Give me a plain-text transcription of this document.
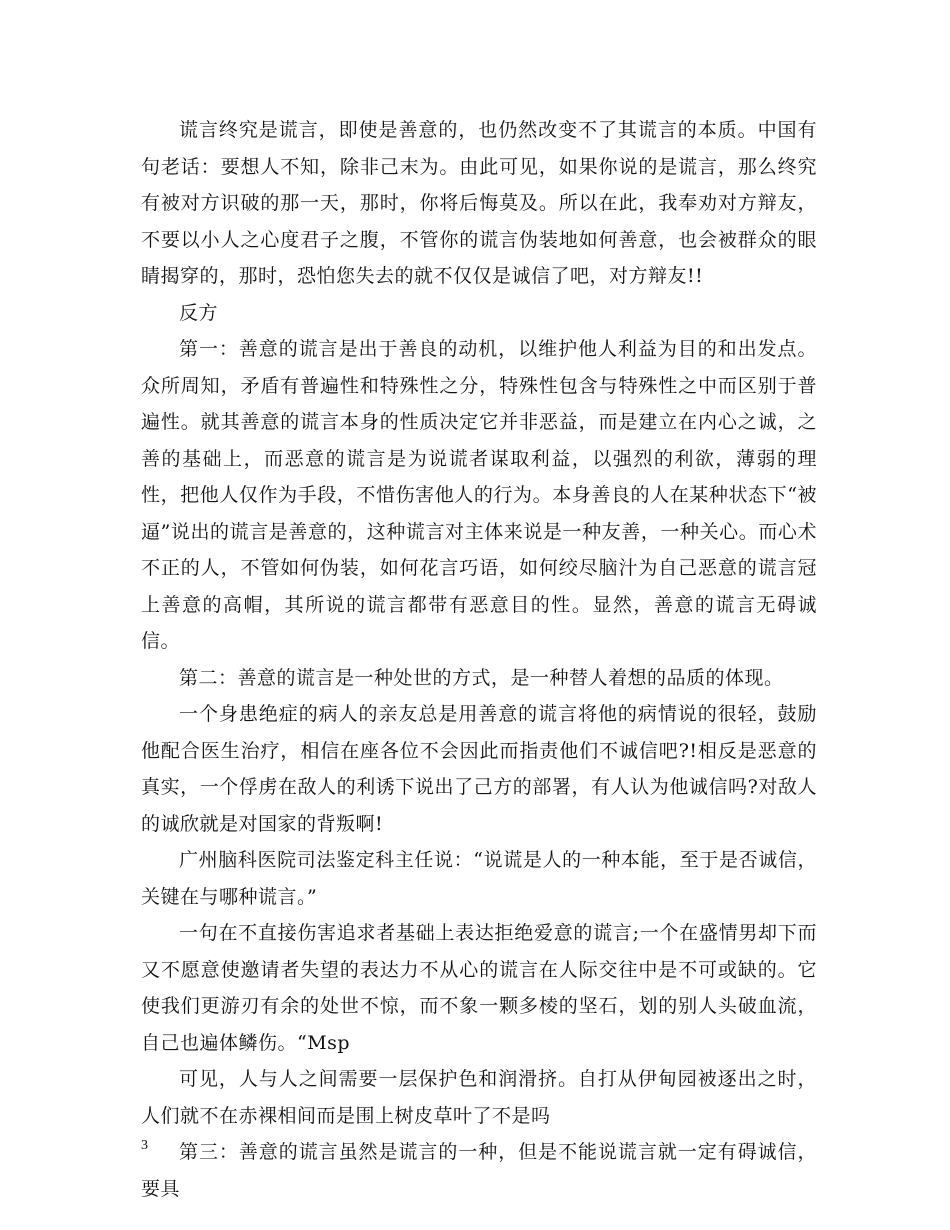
谎言终究是谎言，即使是善意的，也仍然改变不了其谎言的本质。中国有句老话：要想人不知，除非己末为。由此可见，如果你说的是谎言，那么终究有被对方识破的那一天，那时，你将后悔莫及。所以在此，我奉劝对方辩友，不要以小人之心度君子之腹，不管你的谎言伪装地如何善意，也会被群众的眼睛揭穿的，那时，恐怕您失去的就不仅仅是诚信了吧，对方辩友!!

反方

第一：善意的谎言是出于善良的动机，以维护他人利益为目的和出发点。众所周知，矛盾有普遍性和特殊性之分，特殊性包含与特殊性之中而区别于普遍性。就其善意的谎言本身的性质决定它并非恶益，而是建立在内心之诚，之善的基础上，而恶意的谎言是为说谎者谋取利益，以强烈的利欲，薄弱的理性，把他人仅作为手段，不惜伤害他人的行为。本身善良的人在某种状态下“被逼”说出的谎言是善意的，这种谎言对主体来说是一种友善，一种关心。而心术不正的人，不管如何伪装，如何花言巧语，如何绞尽脑汁为自己恶意的谎言冠上善意的高帽，其所说的谎言都带有恶意目的性。显然，善意的谎言无碍诚信。

第二：善意的谎言是一种处世的方式，是一种替人着想的品质的体现。

一个身患绝症的病人的亲友总是用善意的谎言将他的病情说的很轻，鼓励他配合医生治疗，相信在座各位不会因此而指责他们不诚信吧?!相反是恶意的真实，一个俘虏在敌人的利诱下说出了己方的部署，有人认为他诚信吗?对敌人的诚欣就是对国家的背叛啊!

广州脑科医院司法鉴定科主任说：“说谎是人的一种本能，至于是否诚信，关键在与哪种谎言。”

一句在不直接伤害追求者基础上表达拒绝爱意的谎言;一个在盛情男却下而又不愿意使邀请者失望的表达力不从心的谎言在人际交往中是不可或缺的。它使我们更游刃有余的处世不惊，而不象一颗多棱的坚石，划的别人头破血流，自己也遍体鳞伤。“Msp

可见，人与人之间需要一层保护色和润滑挤。自打从伊甸园被逐出之时，人们就不在赤裸相间而是围上树皮草叶了不是吗

第三：善意的谎言虽然是谎言的一种，但是不能说谎言就一定有碍诚信，要具

3
